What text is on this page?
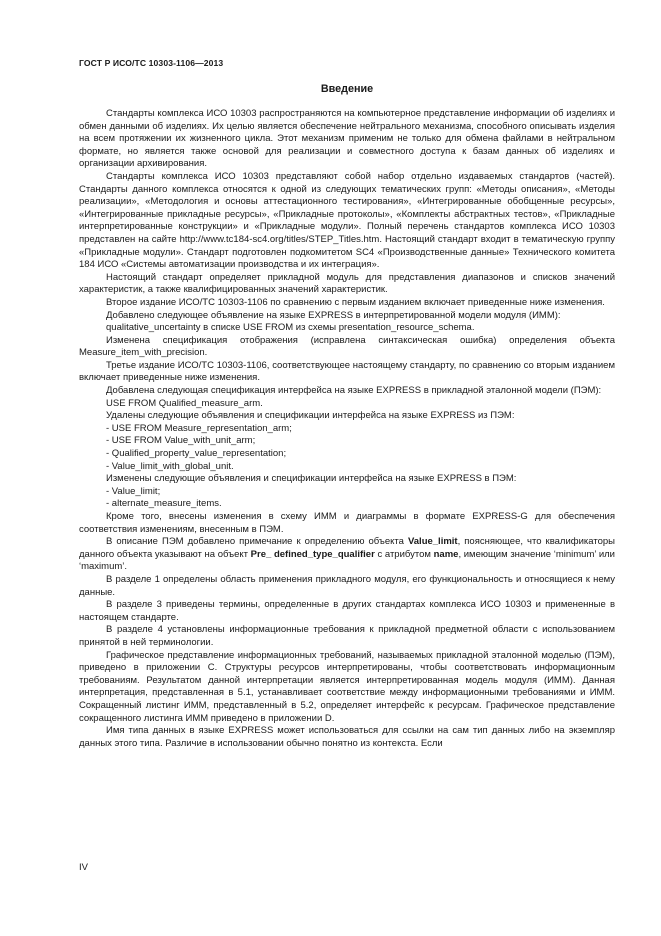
ГОСТ Р ИСО/ТС 10303-1106—2013
Введение

Стандарты комплекса ИСО 10303 распространяются на компьютерное представление информации об изделиях и обмен данными об изделиях. Их целью является обеспечение нейтрального механизма, способного описывать изделия на всем протяжении их жизненного цикла. Этот механизм применим не только для обмена файлами в нейтральном формате, но является также основой для реализации и совместного доступа к базам данных об изделиях и организации архивирования.

Стандарты комплекса ИСО 10303 представляют собой набор отдельно издаваемых стандартов (частей). Стандарты данного комплекса относятся к одной из следующих тематических групп: «Методы описания», «Методы реализации», «Методология и основы аттестационного тестирования», «Интегрированные обобщенные ресурсы», «Интегрированные прикладные ресурсы», «Прикладные протоколы», «Комплекты абстрактных тестов», «Прикладные интерпретированные конструкции» и «Прикладные модули». Полный перечень стандартов комплекса ИСО 10303 представлен на сайте http://www.tc184-sc4.org/titles/STEP_Titles.htm. Настоящий стандарт входит в тематическую группу «Прикладные модули». Стандарт подготовлен подкомитетом SC4 «Производственные данные» Технического комитета 184 ИСО «Системы автоматизации производства и их интеграция».

Настоящий стандарт определяет прикладной модуль для представления диапазонов и списков значений характеристик, а также квалифицированных значений характеристик.

Второе издание ИСО/ТС 10303-1106 по сравнению с первым изданием включает приведенные ниже изменения.

Добавлено следующее объявление на языке EXPRESS в интерпретированной модели модуля (ИММ):

qualitative_uncertainty в списке USE FROM из схемы presentation_resource_schema.

Изменена спецификация отображения (исправлена синтаксическая ошибка) определения объекта Measure_item_with_precision.

Третье издание ИСО/ТС 10303-1106, соответствующее настоящему стандарту, по сравнению со вторым изданием включает приведенные ниже изменения.

Добавлена следующая спецификация интерфейса на языке EXPRESS в прикладной эталонной модели (ПЭМ):

USE FROM Qualified_measure_arm.

Удалены следующие объявления и спецификации интерфейса на языке EXPRESS из ПЭМ:

- USE FROM Measure_representation_arm;

- USE FROM Value_with_unit_arm;

- Qualified_property_value_representation;

- Value_limit_with_global_unit.

Изменены следующие объявления и спецификации интерфейса на языке EXPRESS в ПЭМ:

- Value_limit;

- alternate_measure_items.

Кроме того, внесены изменения в схему ИММ и диаграммы в формате EXPRESS-G для обеспечения соответствия изменениям, внесенным в ПЭМ.

В описание ПЭМ добавлено примечание к определению объекта Value_limit, поясняющее, что квалификаторы данного объекта указывают на объект Pre_ defined_type_qualifier с атрибутом name, имеющим значение ‘minimum’ или ‘maximum’.

В разделе 1 определены область применения прикладного модуля, его функциональность и относящиеся к нему данные.

В разделе 3 приведены термины, определенные в других стандартах комплекса ИСО 10303 и примененные в настоящем стандарте.

В разделе 4 установлены информационные требования к прикладной предметной области с использованием принятой в ней терминологии.

Графическое представление информационных требований, называемых прикладной эталонной моделью (ПЭМ), приведено в приложении С. Структуры ресурсов интерпретированы, чтобы соответствовать информационным требованиям. Результатом данной интерпретации является интерпретированная модель модуля (ИММ). Данная интерпретация, представленная в 5.1, устанавливает соответствие между информационными требованиями и ИММ. Сокращенный листинг ИММ, представленный в 5.2, определяет интерфейс к ресурсам. Графическое представление сокращенного листинга ИММ приведено в приложении D.

Имя типа данных в языке EXPRESS может использоваться для ссылки на сам тип данных либо на экземпляр данных этого типа. Различие в использовании обычно понятно из контекста. Если

IV
